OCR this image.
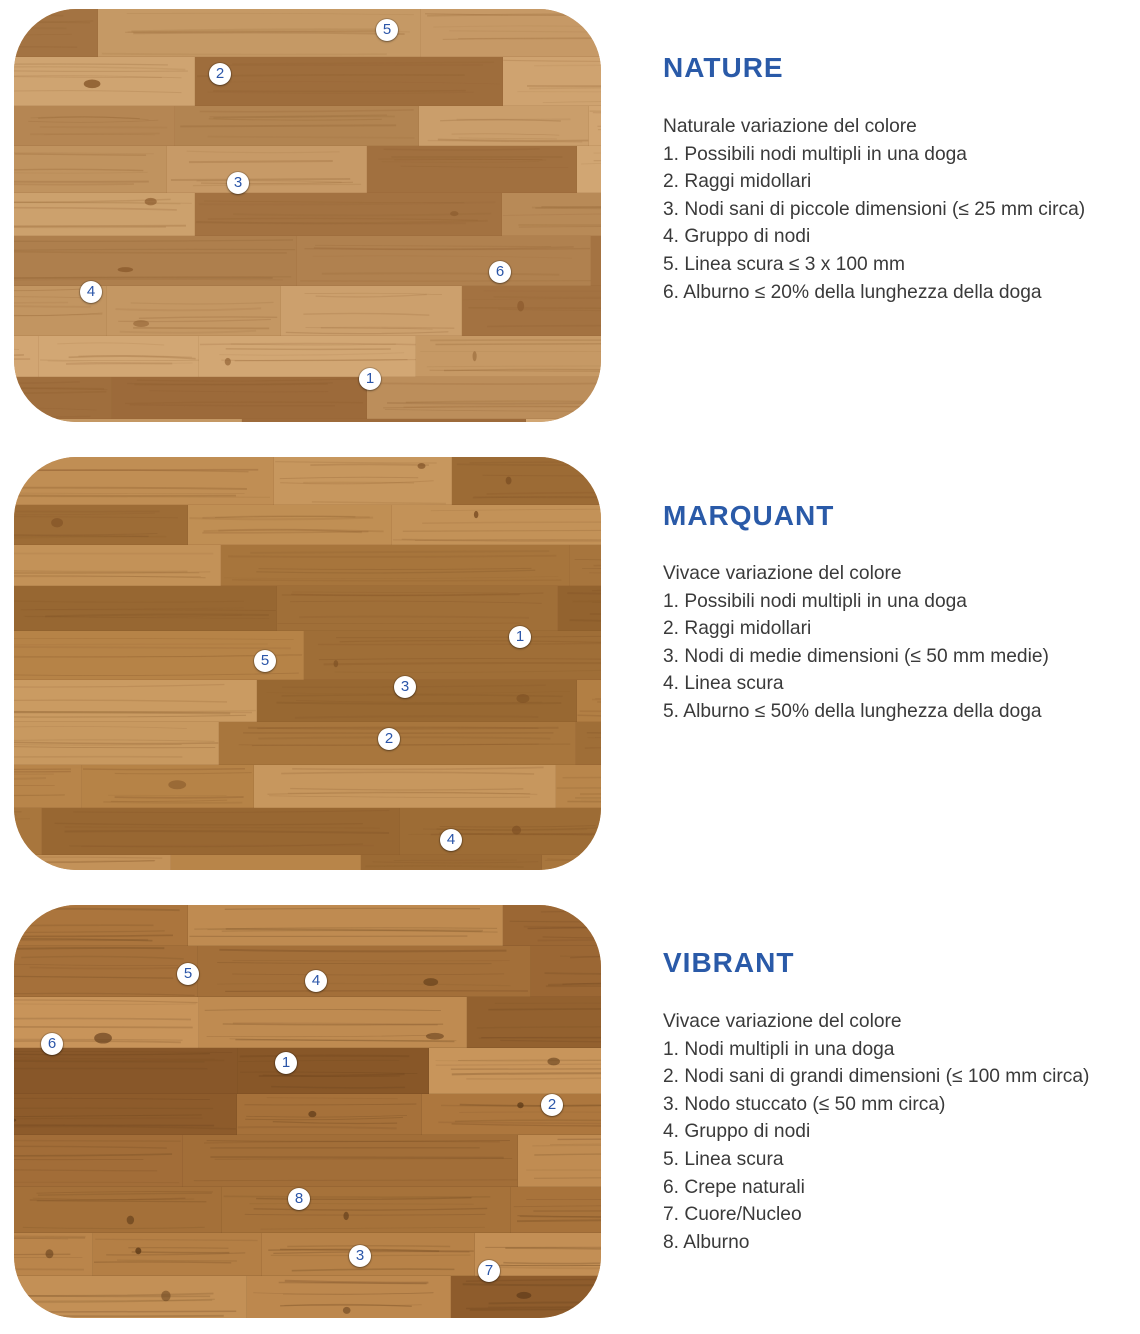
5
2
3
6
4
1
NATURE
Naturale variazione del colore
1. Possibili nodi multipli in una doga
2. Raggi midollari
3. Nodi sani di piccole dimensioni (≤ 25 mm circa)
4. Gruppo di nodi
5. Linea scura ≤ 3 x 100 mm
6. Alburno ≤ 20% della lunghezza della doga
1
5
3
2
4
MARQUANT
Vivace variazione del colore
1. Possibili nodi multipli in una doga
2. Raggi midollari
3. Nodi di medie dimensioni (≤ 50 mm medie)
4. Linea scura
5. Alburno ≤ 50% della lunghezza della doga
5	4
6
1
2
8
3
7
VIBRANT
Vivace variazione del colore
1. Nodi multipli in una doga
2. Nodi sani di grandi dimensioni (≤ 100 mm circa)
3. Nodo stuccato (≤ 50 mm circa)
4. Gruppo di nodi
5. Linea scura
6. Crepe naturali
7. Cuore/Nucleo
8. Alburno
